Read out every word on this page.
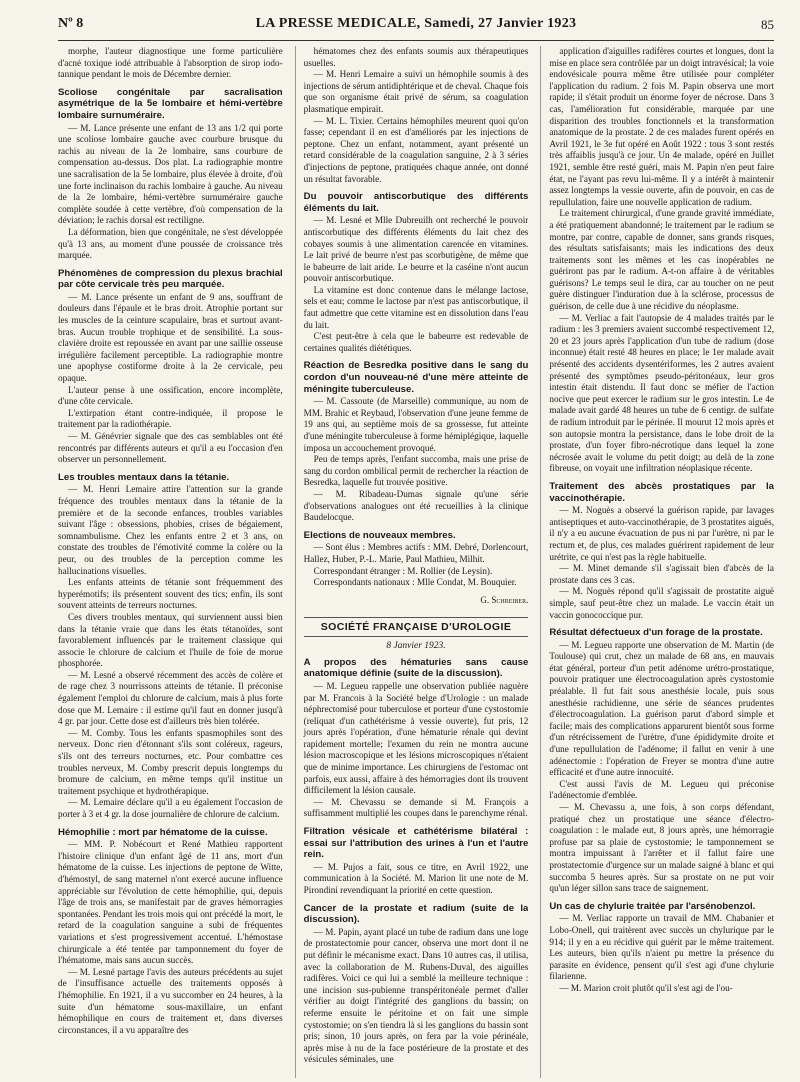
Nº 8	LA PRESSE MEDICALE, Samedi, 27 Janvier 1923	85

morphe, l'auteur diagnostique une forme particulière d'acné toxique iodé attribuable à l'absorption de sirop iodo-tannique pendant le mois de Décembre dernier.

Scoliose congénitale par sacralisation asymétrique de la 5e lombaire et hémi-vertèbre lombaire surnuméraire.

— M. Lance présente une enfant de 13 ans 1/2 qui porte une scoliose lombaire gauche avec courbure brusque du rachis au niveau de la 2e lombaire, sans courbure de compensation au-dessus. Dos plat. La radiographie montre une sacralisation de la 5e lombaire, plus élevée à droite, d'où une forte inclinaison du rachis lombaire à gauche. Au niveau de la 2e lombaire, hémi-vertèbre surnuméraire gauche complète soudée à cette vertèbre, d'où compensation de la déviation; le rachis dorsal est rectiligne.

La déformation, bien que congénitale, ne s'est développée qu'à 13 ans, au moment d'une poussée de croissance très marquée.

Phénomènes de compression du plexus brachial par côte cervicale très peu marquée.

— M. Lance présente un enfant de 9 ans, souffrant de douleurs dans l'épaule et le bras droit. Atrophie portant sur les muscles de la ceinture scapulaire, bras et surtout avant-bras. Aucun trouble trophique et de sensibilité. La sous-clavière droite est repoussée en avant par une saillie osseuse irrégulière facilement perceptible. La radiographie montre une apophyse costiforme droite à la 2e cervicale, peu opaque.

L'auteur pense à une ossification, encore incomplète, d'une côte cervicale.

L'extirpation étant contre-indiquée, il propose le traitement par la radiothérapie.

— M. Génévrier signale que des cas semblables ont été rencontrés par différents auteurs et qu'il a eu l'occasion d'en observer un personnellement.

Les troubles mentaux dans la tétanie.

— M. Henri Lemaire attire l'attention sur la grande fréquence des troubles mentaux dans la tétanie de la première et de la seconde enfances, troubles variables suivant l'âge : obsessions, phobies, crises de bégaiement, somnambulisme. Chez les enfants entre 2 et 3 ans, on constate des troubles de l'émotivité comme la colère ou la peur, ou des troubles de la perception comme les hallucinations visuelles.

Les enfants atteints de tétanie sont fréquemment des hyperémotifs; ils présentent souvent des tics; enfin, ils sont souvent atteints de terreurs nocturnes.

Ces divers troubles mentaux, qui surviennent aussi bien dans la tétanie vraie que dans les états tétanoïdes, sont favorablement influencés par le traitement classique qui associe le chlorure de calcium et l'huile de foie de morue phosphorée.

— M. Lesné a observé récemment des accès de colère et de rage chez 3 nourrissons atteints de tétanie. Il préconise également l'emploi du chlorure de calcium, mais à plus forte dose que M. Lemaire : il estime qu'il faut en donner jusqu'à 4 gr. par jour. Cette dose est d'ailleurs très bien tolérée.

— M. Comby. Tous les enfants spasmophiles sont des nerveux. Donc rien d'étonnant s'ils sont coléreux, rageurs, s'ils ont des terreurs nocturnes, etc. Pour combattre ces troubles nerveux, M. Comby prescrit depuis longtemps du bromure de calcium, en même temps qu'il institue un traitement psychique et hydrothérapique.

— M. Lemaire déclare qu'il a eu également l'occasion de porter à 3 et 4 gr. la dose journalière de chlorure de calcium.

Hémophilie : mort par hématome de la cuisse.

— MM. P. Nobécourt et René Mathieu rapportent l'histoire clinique d'un enfant âgé de 11 ans, mort d'un hématome de la cuisse. Les injections de peptone de Witte, d'hémostyl, de sang maternel n'ont exercé aucune influence appréciable sur l'évolution de cette hémophilie, qui, depuis l'âge de trois ans, se manifestait par de graves hémorragies spontanées. Pendant les trois mois qui ont précédé la mort, le retard de la coagulation sanguine a subi de fréquentes variations et s'est progressivement accentué. L'hémostase chirurgicale a été tentée par tamponnement du foyer de l'hématome, mais sans aucun succès.

— M. Lesné partage l'avis des auteurs précédents au sujet de l'insuffisance actuelle des traitements opposés à l'hémophilie. En 1921, il a vu succomber en 24 heures, à la suite d'un hématome sous-maxillaire, un enfant hémophilique en cours de traitement et, dans diverses circonstances, il a vu apparaître des

hématomes chez des enfants soumis aux thérapeutiques usuelles.

— M. Henri Lemaire a suivi un hémophile soumis à des injections de sérum antidiphtérique et de cheval. Chaque fois que son organisme était privé de sérum, sa coagulation plasmatique empirait.

— M. L. Tixier. Certains hémophiles meurent quoi qu'on fasse; cependant il en est d'améliorés par les injections de peptone. Chez un enfant, notamment, ayant présenté un retard considérable de la coagulation sanguine, 2 à 3 séries d'injections de peptone, pratiquées chaque année, ont donné un résultat favorable.

Du pouvoir antiscorbutique des différents éléments du lait.

— M. Lesné et Mlle Dubreuilh ont recherché le pouvoir antiscorbutique des différents éléments du lait chez des cobayes soumis à une alimentation carencée en vitamines. Le lait privé de beurre n'est pas scorbutigène, de même que le babeurre de lait aride. Le beurre et la caséine n'ont aucun pouvoir antiscorbutique.

La vitamine est donc contenue dans le mélange lactose, sels et eau; comme le lactose par n'est pas antiscorbutique, il faut admettre que cette vitamine est en dissolution dans l'eau du lait.

C'est peut-être à cela que le babeurre est redevable de certaines qualités diététiques.

Réaction de Besredka positive dans le sang du cordon d'un nouveau-né d'une mère atteinte de méningite tuberculeuse.

— M. Cassoute (de Marseille) communique, au nom de MM. Brahic et Reybaud, l'observation d'une jeune femme de 19 ans qui, au septième mois de sa grossesse, fut atteinte d'une méningite tuberculeuse à forme hémiplégique, laquelle imposa un accouchement provoqué.

Peu de temps après, l'enfant succomba, mais une prise de sang du cordon ombilical permit de rechercher la réaction de Besredka, laquelle fut trouvée positive.

— M. Ribadeau-Dumas signale qu'une série d'observations analogues ont été recueillies à la clinique Baudelocque.

Elections de nouveaux membres.

— Sont élus : Membres actifs : MM. Debré, Dorlencourt, Hallez, Huber, P.-L. Marie, Paul Mathieu, Milhit.

Correspondant étranger : M. Rollier (de Leysin).

Correspondants nationaux : Mlle Condat, M. Bouquier.

G. Schreiber.
SOCIÉTÉ FRANÇAISE D'UROLOGIE
8 Janvier 1923.
A propos des hématuries sans cause anatomique définie (suite de la discussion).

— M. Legueu rappelle une observation publiée naguère par M. Francois à la Société belge d'Urologie : un malade néphrectomisé pour tuberculose et porteur d'une cystostomie (reliquat d'un cathétérisme à vessie ouverte), fut pris, 12 jours après l'opération, d'une hématurie rénale qui devint rapidement mortelle; l'examen du rein ne montra aucune lésion macroscopique et les lésions microscopiques n'étaient que de minime importance. Les chirurgiens de l'estomac ont parfois, eux aussi, affaire à des hémorragies dont ils trouvent difficilement la lésion causale.

— M. Chevassu se demande si M. François a suffisamment multiplié les coupes dans le parenchyme rénal.

Filtration vésicale et cathétérisme bilatéral : essai sur l'attribution des urines à l'un et l'autre rein.

— M. Pujos a fait, sous ce titre, en Avril 1922, une communication à la Société. M. Marion lit une note de M. Pirondini revendiquant la priorité en cette question.

Cancer de la prostate et radium (suite de la discussion).

— M. Papin, ayant placé un tube de radium dans une loge de prostatectomie pour cancer, observa une mort dont il ne put définir le mécanisme exact. Dans 10 autres cas, il utilisa, avec la collaboration de M. Rubens-Duval, des aiguilles radifères. Voici ce qui lui a semblé la meilleure technique : une incision sus-pubienne transpéritonéale permet d'aller vérifier au doigt l'intégrité des ganglions du bassin; on referme ensuite le péritoine et on fait une simple cystostomie; on s'en tiendra là si les ganglions du bassin sont pris; sinon, 10 jours après, on fera par la voie périnéale, après mise à nu de la face postérieure de la prostate et des vésicules séminales, une

application d'aiguilles radifères courtes et longues, dont la mise en place sera contrôlée par un doigt intravésical; la voie endovésicale pourra même être utilisée pour compléter l'application du radium. 2 fois M. Papin observa une mort rapide; il s'était produit un énorme foyer de nécrose. Dans 3 cas, l'amélioration fut considérable, marquée par une disparition des troubles fonctionnels et la transformation anatomique de la prostate. 2 de ces malades furent opérés en Avril 1921, le 3e fut opéré en Août 1922 : tous 3 sont restés très affaiblis jusqu'à ce jour. Un 4e malade, opéré en Juillet 1921, semble être resté guéri, mais M. Papin n'en peut faire état, ne l'ayant pas revu lui-même. Il y a intérêt à maintenir assez longtemps la vessie ouverte, afin de pouvoir, en cas de repullulation, faire une nouvelle application de radium.

Le traitement chirurgical, d'une grande gravité immédiate, a été pratiquement abandonné; le traitement par le radium se montre, par contre, capable de donner, sans grands risques, des résultats satisfaisants; mais les indications des deux traitements sont les mêmes et les cas inopérables ne guériront pas par le radium. A-t-on affaire à de véritables guérisons? Le temps seul le dira, car au toucher on ne peut guère distinguer l'induration due à la sclérose, processus de guérison, de celle due à une récidive du néoplasme.

— M. Verliac a fait l'autopsie de 4 malades traités par le radium : les 3 premiers avaient succombé respectivement 12, 20 et 23 jours après l'application d'un tube de radium (dose inconnue) était resté 48 heures en place; le 1er malade avait présenté des accidents dysentériformes, les 2 autres avaient présenté des symptômes pseudo-péritonéaux, leur gros intestin était distendu. Il faut donc se méfier de l'action nocive que peut exercer le radium sur le gros intestin. Le 4e malade avait gardé 48 heures un tube de 6 centigr. de sulfate de radium introduit par le périnée. Il mourut 12 mois après et son autopsie montra la persistance, dans le lobe droit de la prostate, d'un foyer fibro-nécrotique dans lequel la zone nécrosée avait le volume du petit doigt; au delà de la zone fibreuse, on voyait une infiltration néoplasique récente.

Traitement des abcès prostatiques par la vaccinothérapie.

— M. Noguès a observé la guérison rapide, par lavages antiseptiques et auto-vaccinothérapie, de 3 prostatites aiguës, il n'y a eu aucune évacuation de pus ni par l'urètre, ni par le rectum et, de plus, ces malades guérirent rapidement de leur urétrite, ce qui n'est pas la règle habituelle.

— M. Minet demande s'il s'agissait bien d'abcès de la prostate dans ces 3 cas.

— M. Noguès répond qu'il s'agissait de prostatite aiguë simple, sauf peut-être chez un malade. Le vaccin était un vaccin gonococcique pur.

Résultat défectueux d'un forage de la prostate.

— M. Legueu rapporte une observation de M. Martin (de Toulouse) qui crut, chez un malade de 68 ans, en mauvais état général, porteur d'un petit adénome urétro-prostatique, pouvoir pratiquer une électrocoagulation après cystostomie préalable. Il fut fait sous anesthésie locale, puis sous anesthésie rachidienne, une série de séances prudentes d'électrocoagulation. La guérison parut d'abord simple et facile; mais des complications apparurent bientôt sous forme d'un rétrécissement de l'urètre, d'une épididymite droite et d'une repullulation de l'adénome; il fallut en venir à une adénectomie : l'opération de Freyer se montra d'une autre efficacité et d'une autre innocuité.

C'est aussi l'avis de M. Legueu qui préconise l'adénectomie d'emblée.

— M. Chevassu a, une fois, à son corps défendant, pratiqué chez un prostatique une séance d'électro-coagulation : le malade eut, 8 jours après, une hémorragie profuse par sa plaie de cystostomie; le tamponnement se montra impuissant à l'arrêter et il fallut faire une prostatectomie d'urgence sur un malade saigné à blanc et qui succomba 5 heures après. Sur sa prostate on ne put voir qu'un léger sillon sans trace de saignement.

Un cas de chylurie traitée par l'arsénobenzol.

— M. Verliac rapporte un travail de MM. Chabanier et Lobo-Onell, qui traitèrent avec succès un chylurique par le 914; il y en a eu récidive qui guérit par le même traitement. Les auteurs, bien qu'ils n'aient pu mettre la présence du parasite en évidence, pensent qu'il s'est agi d'une chylurie filarienne.

— M. Marion croit plutôt qu'il s'est agi de l'ou-
